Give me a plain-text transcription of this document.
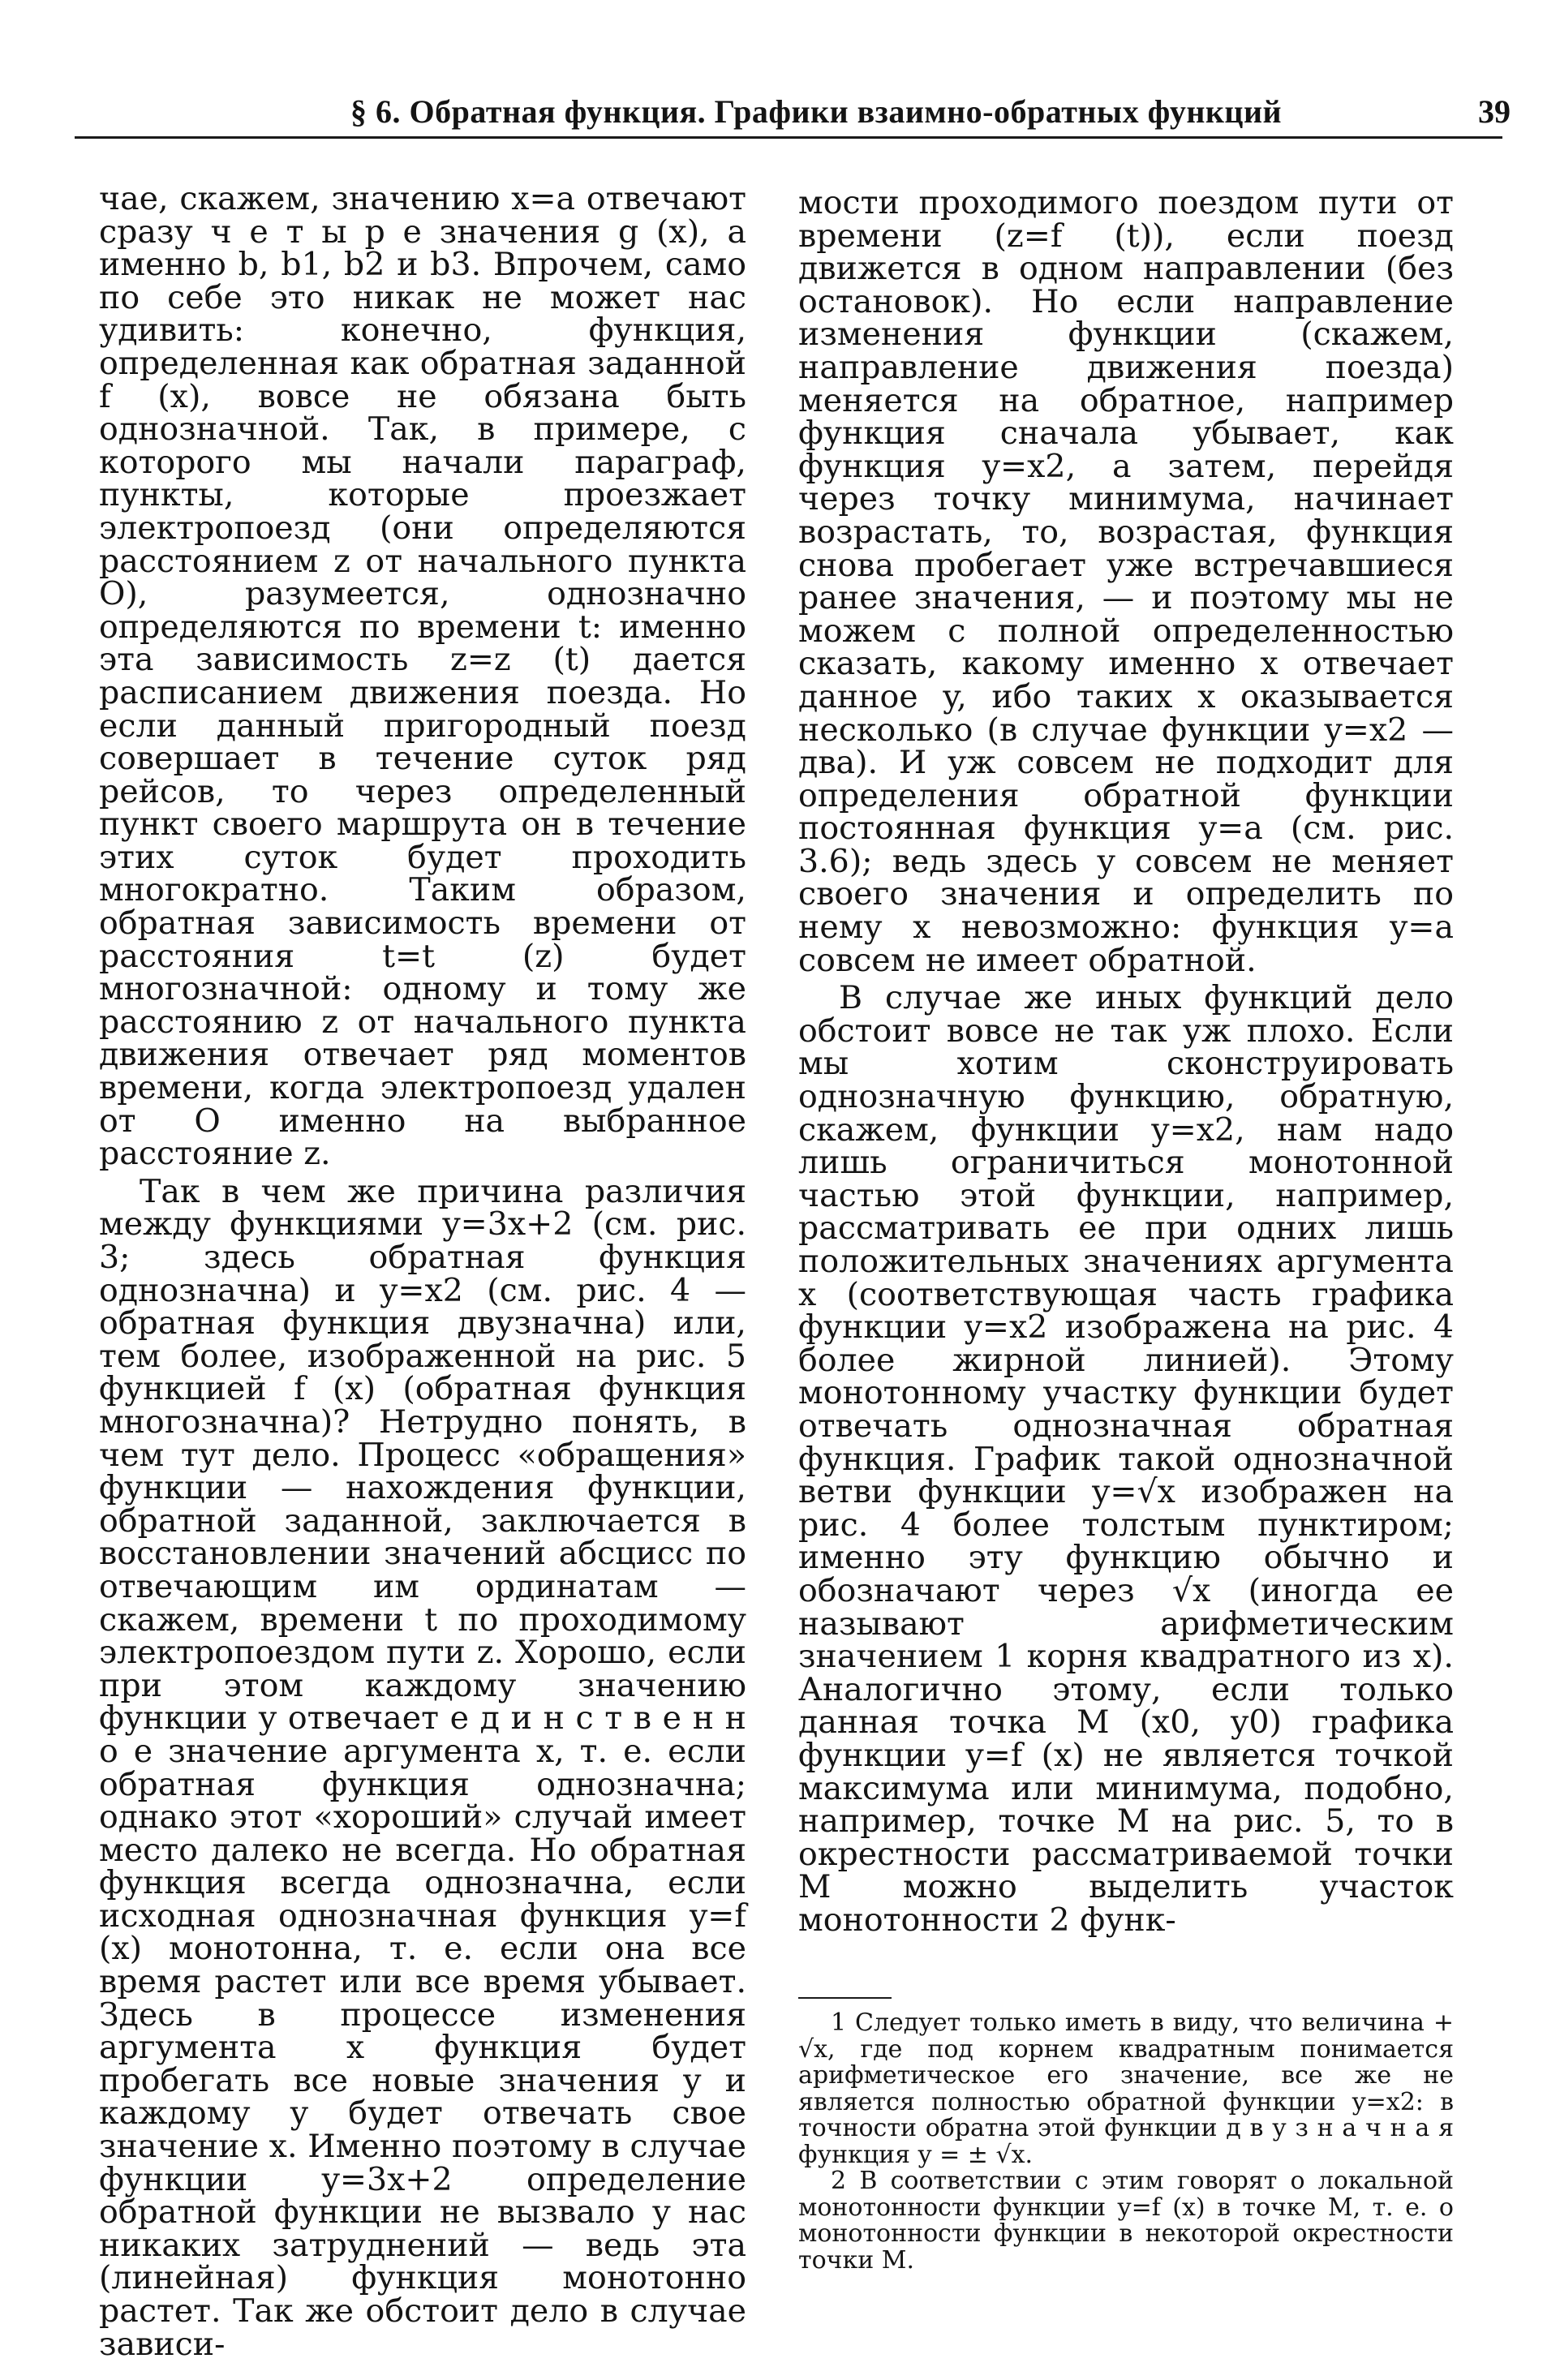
§ 6. Обратная функция. Графики взаимно-обратных функций	39

чае, скажем, значению x=a отвечают сразу ч е т ы р е значения g (x), а именно b, b1, b2 и b3. Впрочем, само по себе это никак не может нас удивить: конечно, функция, определенная как обратная заданной f (x), вовсе не обязана быть однозначной. Так, в примере, с которого мы начали параграф, пункты, которые проезжает электропоезд (они определяются расстоянием z от начального пункта O), разумеется, однозначно определяются по времени t: именно эта зависимость z=z (t) дается расписанием движения поезда. Но если данный пригородный поезд совершает в течение суток ряд рейсов, то через определенный пункт своего маршрута он в течение этих суток будет проходить многократно. Таким образом, обратная зависимость времени от расстояния t=t (z) будет многозначной: одному и тому же расстоянию z от начального пункта движения отвечает ряд моментов времени, когда электропоезд удален от O именно на выбранное расстояние z.

Так в чем же причина различия между функциями y=3x+2 (см. рис. 3; здесь обратная функция однозначна) и y=x2 (см. рис. 4 — обратная функция двузначна) или, тем более, изображенной на рис. 5 функцией f (x) (обратная функция многозначна)? Нетрудно понять, в чем тут дело. Процесс «обращения» функции — нахождения функции, обратной заданной, заключается в восстановлении значений абсцисс по отвечающим им ординатам — скажем, времени t по проходимому электропоездом пути z. Хорошо, если при этом каждому значению функции y отвечает е д и н с т в е н н о е значение аргумента x, т. е. если обратная функция однозначна; однако этот «хороший» случай имеет место далеко не всегда. Но обратная функция всегда однозначна, если исходная однозначная функция y=f (x) монотонна, т. е. если она все время растет или все время убывает. Здесь в процессе изменения аргумента x функция будет пробегать все новые значения y и каждому y будет отвечать свое значение x. Именно поэтому в случае функции y=3x+2 определение обратной функции не вызвало у нас никаких затруднений — ведь эта (линейная) функция монотонно растет. Так же обстоит дело в случае зависи-

мости проходимого поездом пути от времени (z=f (t)), если поезд движется в одном направлении (без остановок). Но если направление изменения функции (скажем, направление движения поезда) меняется на обратное, например функция сначала убывает, как функция y=x2, а затем, перейдя через точку минимума, начинает возрастать, то, возрастая, функция снова пробегает уже встречавшиеся ранее значения, — и поэтому мы не можем с полной определенностью сказать, какому именно x отвечает данное y, ибо таких x оказывается несколько (в случае функции y=x2 — два). И уж совсем не подходит для определения обратной функции постоянная функция y=a (см. рис. 3.6); ведь здесь y совсем не меняет своего значения и определить по нему x невозможно: функция y=a совсем не имеет обратной.

В случае же иных функций дело обстоит вовсе не так уж плохо. Если мы хотим сконструировать однозначную функцию, обратную, скажем, функции y=x2, нам надо лишь ограничиться монотонной частью этой функции, например, рассматривать ее при одних лишь положительных значениях аргумента x (соответствующая часть графика функции y=x2 изображена на рис. 4 более жирной линией). Этому монотонному участку функции будет отвечать однозначная обратная функция. График такой однозначной ветви функции y=√x изображен на рис. 4 более толстым пунктиром; именно эту функцию обычно и обозначают через √x (иногда ее называют арифметическим значением 1 корня квадратного из x). Аналогично этому, если только данная точка M (x0, y0) графика функции y=f (x) не является точкой максимума или минимума, подобно, например, точке M на рис. 5, то в окрестности рассматриваемой точки M можно выделить участок монотонности 2 функ-

1 Следует только иметь в виду, что величина + √x, где под корнем квадратным понимается арифметическое его значение, все же не является полностью обратной функции y=x2: в точности обратна этой функции д в у з н а ч н а я функция y = ± √x.

2 В соответствии с этим говорят о локальной монотонности функции y=f (x) в точке M, т. е. о монотонности функции в некоторой окрестности точки M.
